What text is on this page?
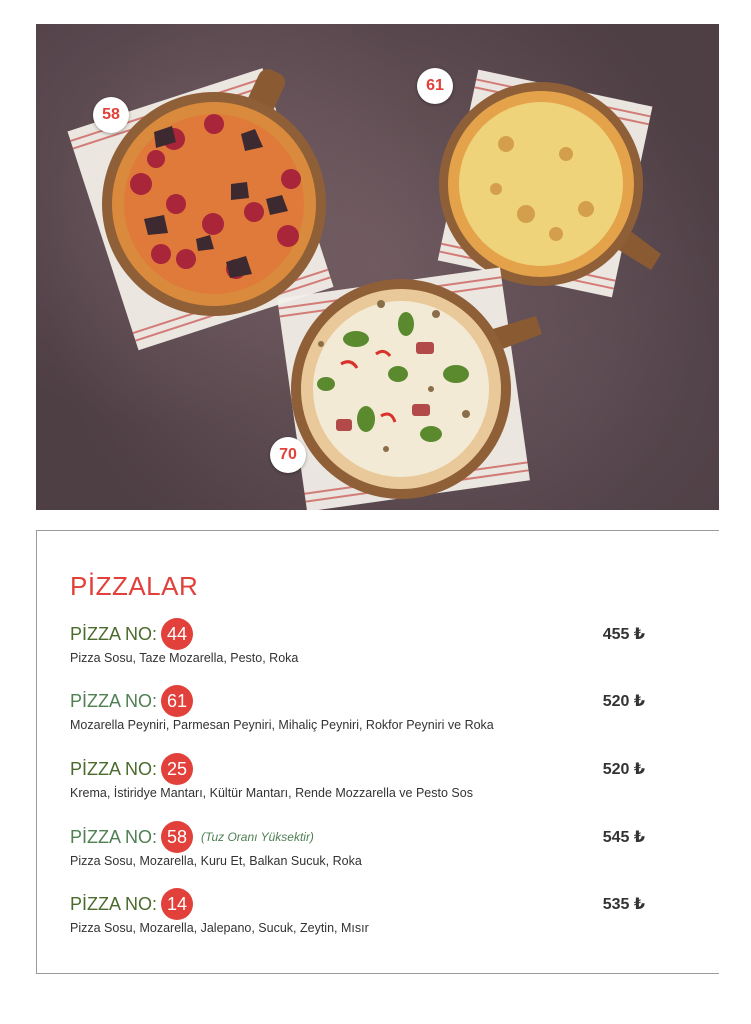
58
61
70
PİZZALAR
PİZZA NO: 44	455 ₺
Pizza Sosu, Taze Mozarella, Pesto, Roka
PİZZA NO: 61	520 ₺
Mozarella Peyniri, Parmesan Peyniri, Mihaliç Peyniri, Rokfor Peyniri ve Roka
PİZZA NO: 25	520 ₺
Krema, İstiridye Mantarı, Kültür Mantarı, Rende Mozzarella ve Pesto Sos
PİZZA NO: 58	(Tuz Oranı Yüksektir)	545 ₺
Pizza Sosu, Mozarella, Kuru Et, Balkan Sucuk, Roka
PİZZA NO: 14	535 ₺
Pizza Sosu, Mozarella, Jalepano, Sucuk, Zeytin, Mısır
